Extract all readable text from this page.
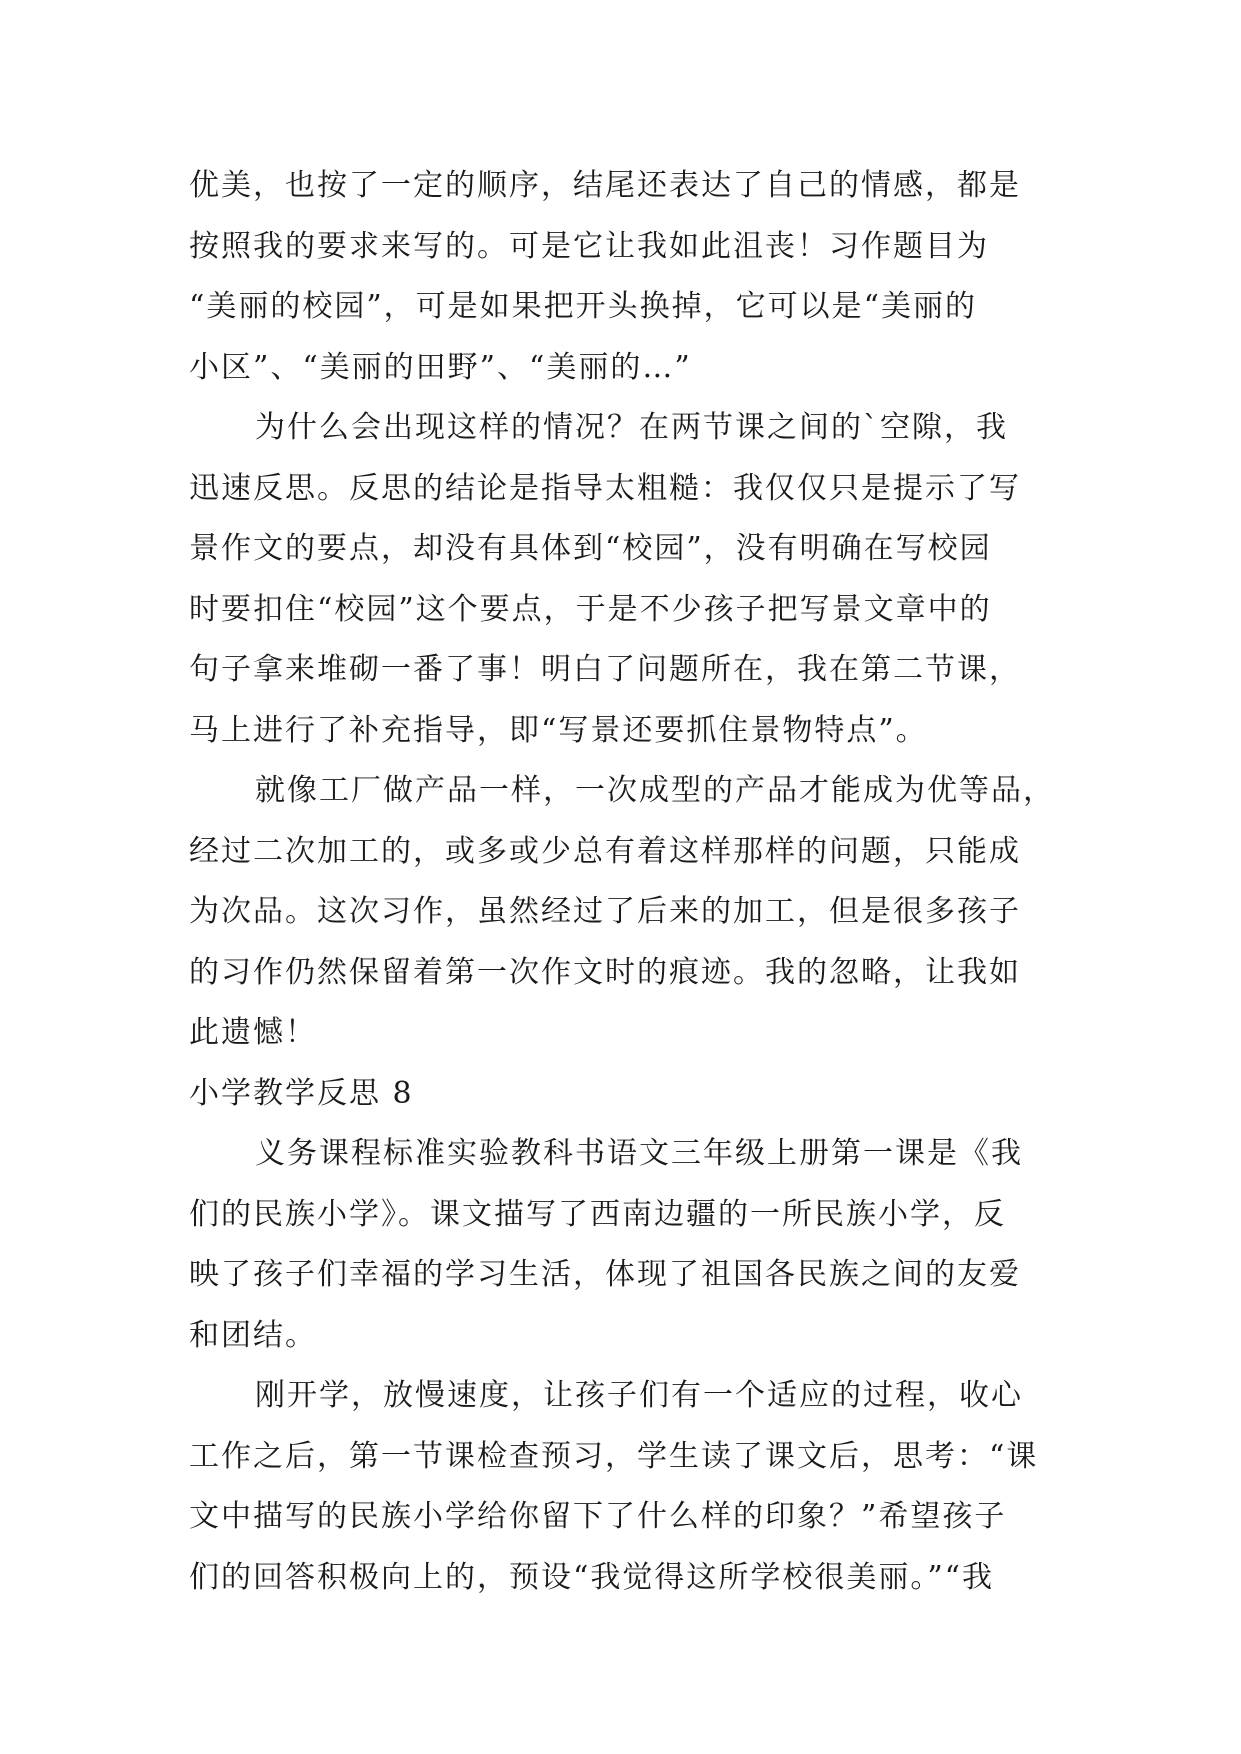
优美，也按了一定的顺序，结尾还表达了自己的情感，都是
按照我的要求来写的。可是它让我如此沮丧！习作题目为
“美丽的校园”，可是如果把开头换掉，它可以是“美丽的
小区”、“美丽的田野”、“美丽的…”
为什么会出现这样的情况？在两节课之间的`空隙，我
迅速反思。反思的结论是指导太粗糙：我仅仅只是提示了写
景作文的要点，却没有具体到“校园”，没有明确在写校园
时要扣住“校园”这个要点，于是不少孩子把写景文章中的
句子拿来堆砌一番了事！明白了问题所在，我在第二节课，
马上进行了补充指导，即“写景还要抓住景物特点”。
就像工厂做产品一样，一次成型的产品才能成为优等品，
经过二次加工的，或多或少总有着这样那样的问题，只能成
为次品。这次习作，虽然经过了后来的加工，但是很多孩子
的习作仍然保留着第一次作文时的痕迹。我的忽略，让我如
此遗憾！
小学教学反思 8
义务课程标准实验教科书语文三年级上册第一课是《我
们的民族小学》。课文描写了西南边疆的一所民族小学，反
映了孩子们幸福的学习生活，体现了祖国各民族之间的友爱
和团结。
刚开学，放慢速度，让孩子们有一个适应的过程，收心
工作之后，第一节课检查预习，学生读了课文后，思考：“课
文中描写的民族小学给你留下了什么样的印象？”希望孩子
们的回答积极向上的，预设“我觉得这所学校很美丽。”“我
